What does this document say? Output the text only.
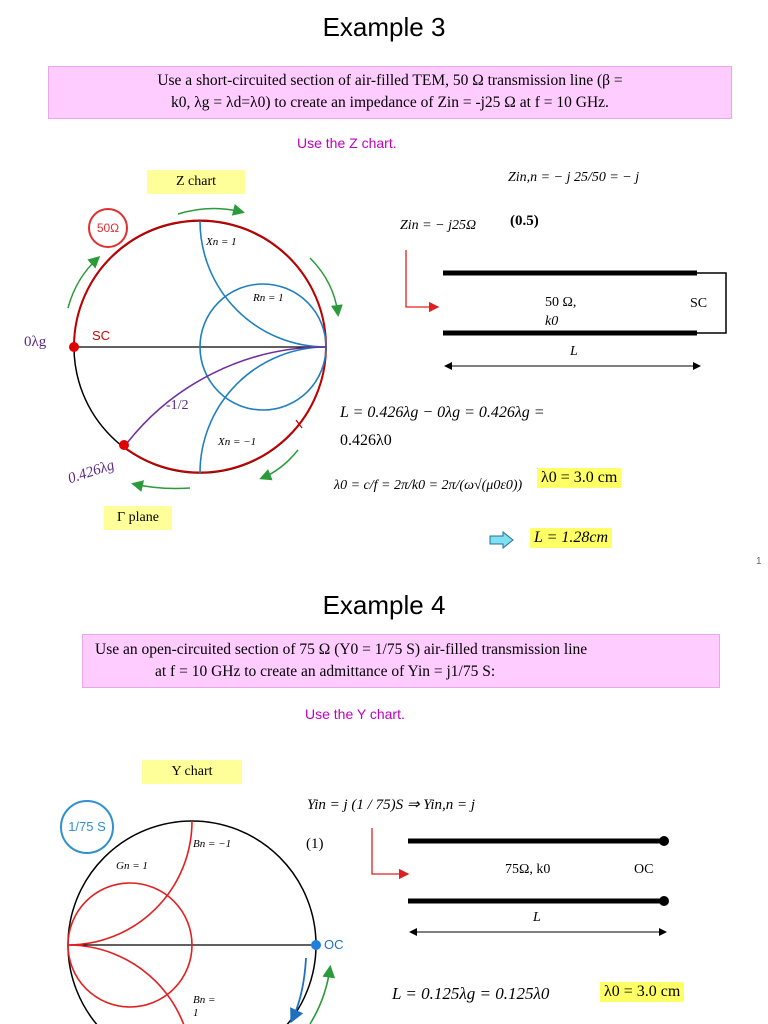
Example 3
Use a short-circuited section of air-filled TEM, 50 Ω transmission line (β =
k0, λg = λd=λ0) to create an impedance of Zin = -j25 Ω at f = 10 GHz.
Use the Z chart.
Z chart
50Ω
Xn = 1
Rn = 1
Xn = −1
0λg	SC
-1/2
0.426λg
Γ plane
Zin,n = − j 25/50 = − j
Zin = − j25Ω (0.5)
50 Ω,
k0
SC
L
L = 0.426λg − 0λg = 0.426λg =
0.426λ0
λ0 = c/f = 2π/k0 = 2π/(ω√(μ0ε0)) λ0 = 3.0 cm
L = 1.28cm
1
Example 4
Use an open-circuited section of 75 Ω (Y0 = 1/75 S) air-filled transmission line
at f = 10 GHz to create an admittance of Yin = j1/75 S:
Use the Y chart.
Y chart
1/75 S
Gn = 1
Bn = −1
Bn =
1
OC
Yin = j (1 / 75)S ⇒ Yin,n = j
(1)
75Ω, k0	OC
L
L = 0.125λg = 0.125λ0	λ0 = 3.0 cm
